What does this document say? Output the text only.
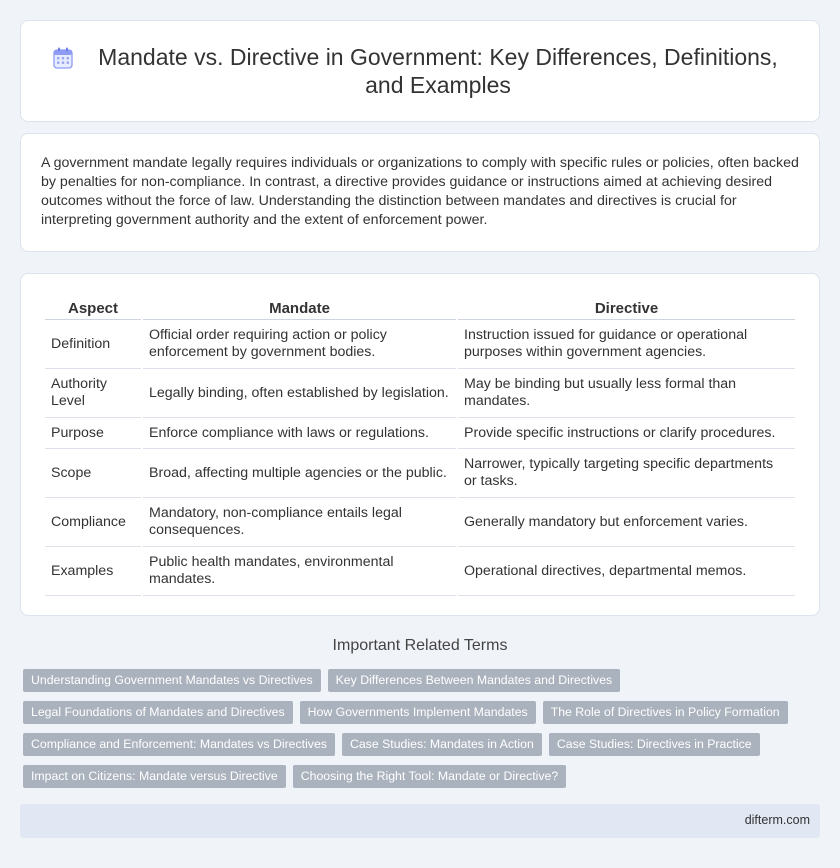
Mandate vs. Directive in Government: Key Differences, Definitions, and Examples

A government mandate legally requires individuals or organizations to comply with specific rules or policies, often backed by penalties for non-compliance. In contrast, a directive provides guidance or instructions aimed at achieving desired outcomes without the force of law. Understanding the distinction between mandates and directives is crucial for interpreting government authority and the extent of enforcement power.

Aspect	Mandate	Directive
Definition	Official order requiring action or policy enforcement by government bodies.	Instruction issued for guidance or operational purposes within government agencies.
Authority Level	Legally binding, often established by legislation.	May be binding but usually less formal than mandates.
Purpose	Enforce compliance with laws or regulations.	Provide specific instructions or clarify procedures.
Scope	Broad, affecting multiple agencies or the public.	Narrower, typically targeting specific departments or tasks.
Compliance	Mandatory, non-compliance entails legal consequences.	Generally mandatory but enforcement varies.
Examples	Public health mandates, environmental mandates.	Operational directives, departmental memos.
Important Related Terms
Understanding Government Mandates vs Directives	Key Differences Between Mandates and Directives
Legal Foundations of Mandates and Directives	How Governments Implement Mandates	The Role of Directives in Policy Formation
Compliance and Enforcement: Mandates vs Directives	Case Studies: Mandates in Action	Case Studies: Directives in Practice
Impact on Citizens: Mandate versus Directive	Choosing the Right Tool: Mandate or Directive?
difterm.com
